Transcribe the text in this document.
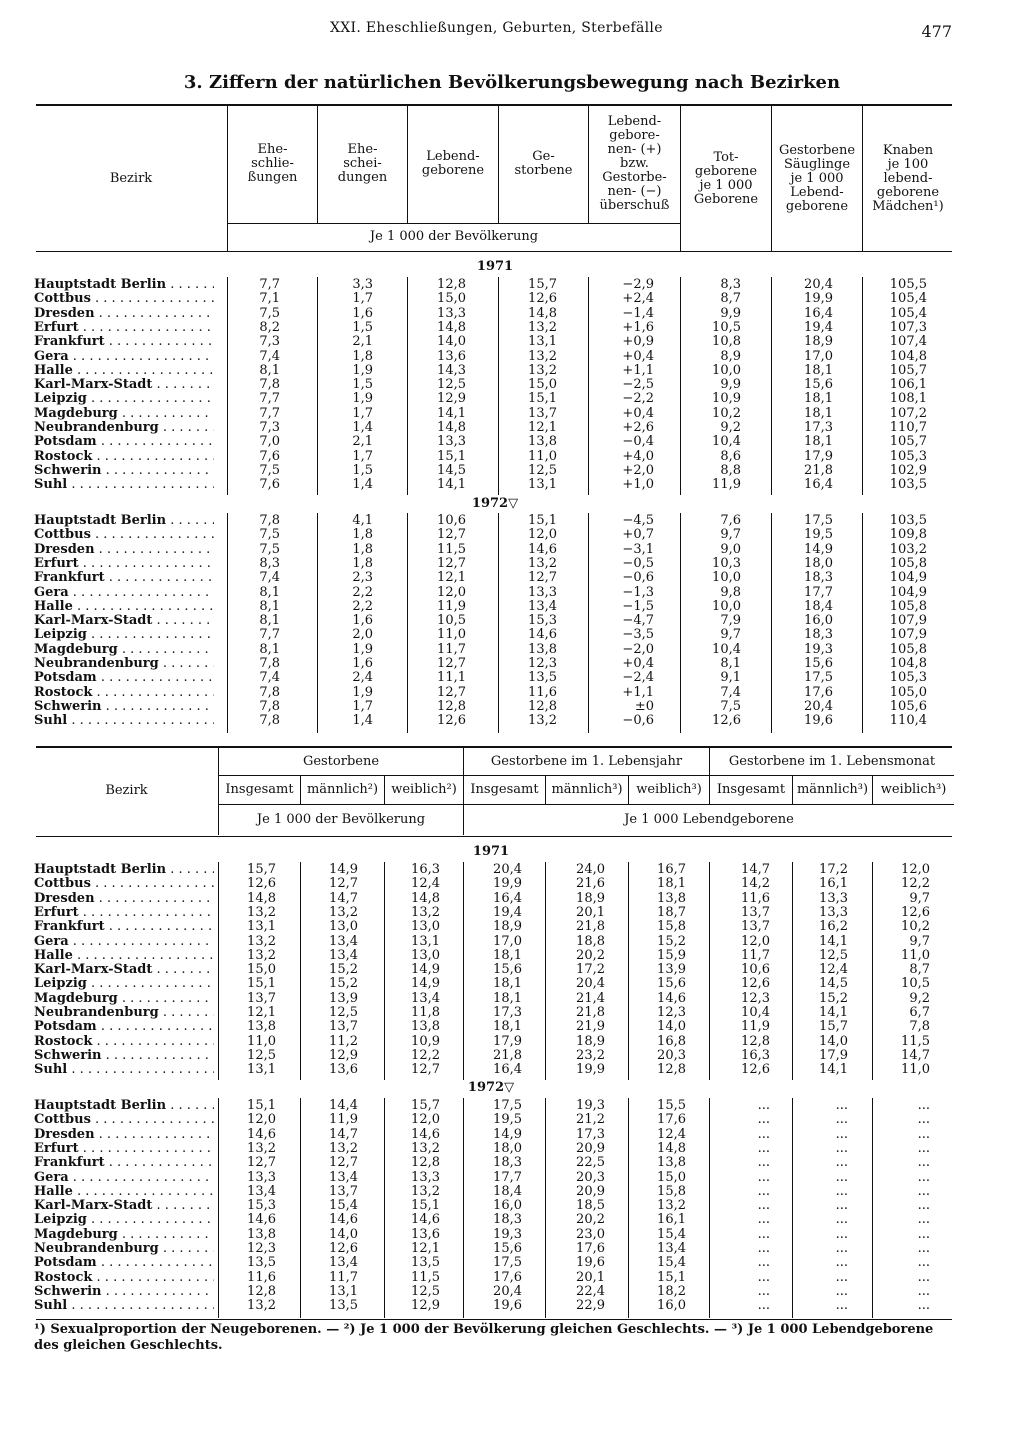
XXI. Eheschließungen, Geburten, Sterbefälle	477
3. Ziffern der natürlichen Bevölkerungsbewegung nach Bezirken
Bezirk
Ehe-
schlie-
ßungen
Ehe-
schei-
dungen
Lebend-
geborene
Ge-
storbene
Lebend-
gebore-
nen- (+)
bzw.
Gestorbe-
nen- (−)
überschuß
Tot-
geborene
je 1 000
Geborene
Gestorbene
Säuglinge
je 1 000
Lebend-
geborene
Knaben
je 100
lebend-
geborene
Mädchen¹)
Je 1 000 der Bevölkerung
1971
Hauptstadt Berlin . . .	7,7	3,3	12,8	15,7	−2,9	8,3	20,4	105,5
Cottbus . . .	7,1	1,7	15,0	12,6	+2,4	8,7	19,9	105,4
Dresden . . .	7,5	1,6	13,3	14,8	−1,4	9,9	16,4	105,4
Erfurt . . .	8,2	1,5	14,8	13,2	+1,6	10,5	19,4	107,3
Frankfurt . . .	7,3	2,1	14,0	13,1	+0,9	10,8	18,9	107,4
Gera . . .	7,4	1,8	13,6	13,2	+0,4	8,9	17,0	104,8
Halle . . .	8,1	1,9	14,3	13,2	+1,1	10,0	18,1	105,7
Karl-Marx-Stadt . . .	7,8	1,5	12,5	15,0	−2,5	9,9	15,6	106,1
Leipzig . . .	7,7	1,9	12,9	15,1	−2,2	10,9	18,1	108,1
Magdeburg . . .	7,7	1,7	14,1	13,7	+0,4	10,2	18,1	107,2
Neubrandenburg . . .	7,3	1,4	14,8	12,1	+2,6	9,2	17,3	110,7
Potsdam . . .	7,0	2,1	13,3	13,8	−0,4	10,4	18,1	105,7
Rostock . . .	7,6	1,7	15,1	11,0	+4,0	8,6	17,9	105,3
Schwerin . . .	7,5	1,5	14,5	12,5	+2,0	8,8	21,8	102,9
Suhl . . .	7,6	1,4	14,1	13,1	+1,0	11,9	16,4	103,5
1972▽
Hauptstadt Berlin . . .	7,8	4,1	10,6	15,1	−4,5	7,6	17,5	103,5
Cottbus . . .	7,5	1,8	12,7	12,0	+0,7	9,7	19,5	109,8
Dresden . . .	7,5	1,8	11,5	14,6	−3,1	9,0	14,9	103,2
Erfurt . . .	8,3	1,8	12,7	13,2	−0,5	10,3	18,0	105,8
Frankfurt . . .	7,4	2,3	12,1	12,7	−0,6	10,0	18,3	104,9
Gera . . .	8,1	2,2	12,0	13,3	−1,3	9,8	17,7	104,9
Halle . . .	8,1	2,2	11,9	13,4	−1,5	10,0	18,4	105,8
Karl-Marx-Stadt . . .	8,1	1,6	10,5	15,3	−4,7	7,9	16,0	107,9
Leipzig . . .	7,7	2,0	11,0	14,6	−3,5	9,7	18,3	107,9
Magdeburg . . .	8,1	1,9	11,7	13,8	−2,0	10,4	19,3	105,8
Neubrandenburg . . .	7,8	1,6	12,7	12,3	+0,4	8,1	15,6	104,8
Potsdam . . .	7,4	2,4	11,1	13,5	−2,4	9,1	17,5	105,3
Rostock . . .	7,8	1,9	12,7	11,6	+1,1	7,4	17,6	105,0
Schwerin . . .	7,8	1,7	12,8	12,8	±0	7,5	20,4	105,6
Suhl . . .	7,8	1,4	12,6	13,2	−0,6	12,6	19,6	110,4
Bezirk
Gestorbene	Gestorbene im 1. Lebensjahr	Gestorbene im 1. Lebensmonat
Insgesamt	männlich²)	weiblich²)	Insgesamt männlich³)	weiblich³)	Insgesamt männlich³) weiblich³)
Je 1 000 der Bevölkerung	Je 1 000 Lebendgeborene
1971
Hauptstadt Berlin . . .	15,7	14,9	16,3	20,4	24,0	16,7	14,7	17,2	12,0
Cottbus . . .	12,6	12,7	12,4	19,9	21,6	18,1	14,2	16,1	12,2
Dresden . . .	14,8	14,7	14,8	16,4	18,9	13,8	11,6	13,3	9,7
Erfurt . . .	13,2	13,2	13,2	19,4	20,1	18,7	13,7	13,3	12,6
Frankfurt . . .	13,1	13,0	13,0	18,9	21,8	15,8	13,7	16,2	10,2
Gera . . .	13,2	13,4	13,1	17,0	18,8	15,2	12,0	14,1	9,7
Halle . . .	13,2	13,4	13,0	18,1	20,2	15,9	11,7	12,5	11,0
Karl-Marx-Stadt . . .	15,0	15,2	14,9	15,6	17,2	13,9	10,6	12,4	8,7
Leipzig . . .	15,1	15,2	14,9	18,1	20,4	15,6	12,6	14,5	10,5
Magdeburg . . .	13,7	13,9	13,4	18,1	21,4	14,6	12,3	15,2	9,2
Neubrandenburg . . .	12,1	12,5	11,8	17,3	21,8	12,3	10,4	14,1	6,7
Potsdam . . .	13,8	13,7	13,8	18,1	21,9	14,0	11,9	15,7	7,8
Rostock . . .	11,0	11,2	10,9	17,9	18,9	16,8	12,8	14,0	11,5
Schwerin . . .	12,5	12,9	12,2	21,8	23,2	20,3	16,3	17,9	14,7
Suhl . . .	13,1	13,6	12,7	16,4	19,9	12,8	12,6	14,1	11,0
1972▽
Hauptstadt Berlin . . .	15,1	14,4	15,7	17,5	19,3	15,5	...	...	...
Cottbus . . .	12,0	11,9	12,0	19,5	21,2	17,6	...	...	...
Dresden . . .	14,6	14,7	14,6	14,9	17,3	12,4	...	...	...
Erfurt . . .	13,2	13,2	13,2	18,0	20,9	14,8	...	...	...
Frankfurt . . .	12,7	12,7	12,8	18,3	22,5	13,8	...	...	...
Gera . . .	13,3	13,4	13,3	17,7	20,3	15,0	...	...	...
Halle . . .	13,4	13,7	13,2	18,4	20,9	15,8	...	...	...
Karl-Marx-Stadt . . .	15,3	15,4	15,1	16,0	18,5	13,2	...	...	...
Leipzig . . .	14,6	14,6	14,6	18,3	20,2	16,1	...	...	...
Magdeburg . . .	13,8	14,0	13,6	19,3	23,0	15,4	...	...	...
Neubrandenburg . . .	12,3	12,6	12,1	15,6	17,6	13,4	...	...	...
Potsdam . . .	13,5	13,4	13,5	17,5	19,6	15,4	...	...	...
Rostock . . .	11,6	11,7	11,5	17,6	20,1	15,1	...	...	...
Schwerin . . .	12,8	13,1	12,5	20,4	22,4	18,2	...	...	...
Suhl . . .	13,2	13,5	12,9	19,6	22,9	16,0	...	...	...
¹) Sexualproportion der Neugeborenen. — ²) Je 1 000 der Bevölkerung gleichen Geschlechts. — ³) Je 1 000 Lebendgeborene des gleichen Geschlechts.
